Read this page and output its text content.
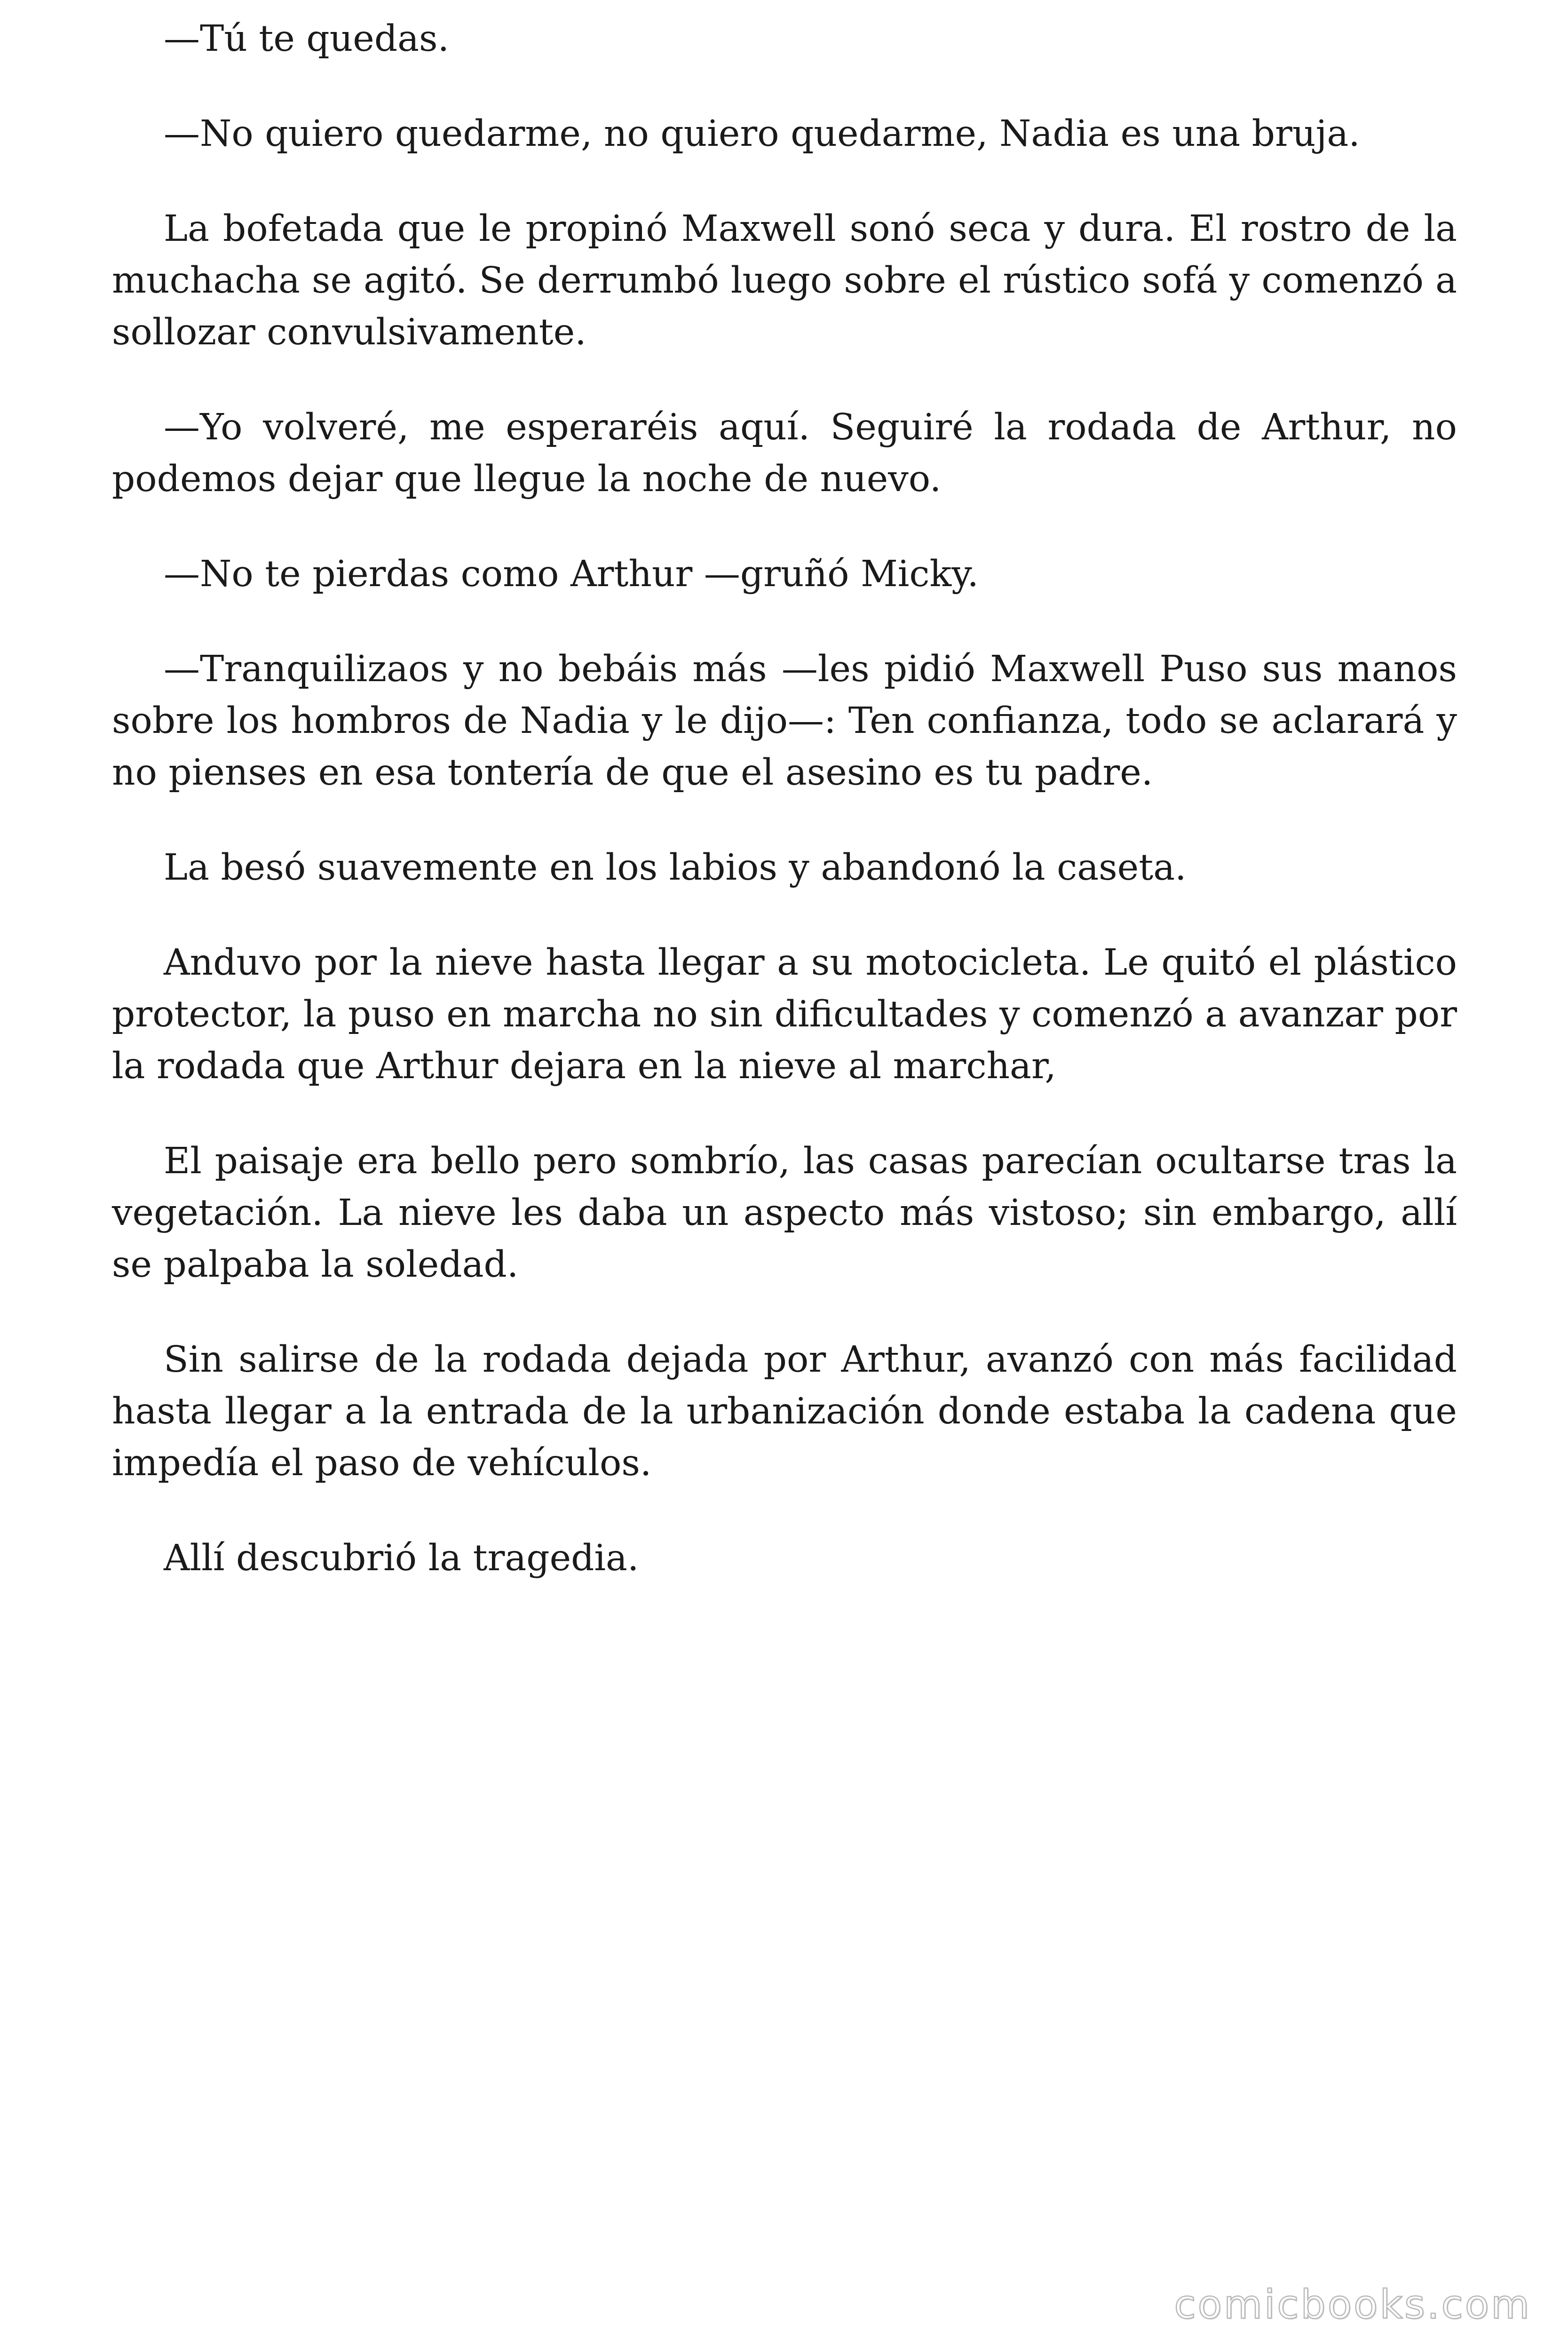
—Tú te quedas.

—No quiero quedarme, no quiero quedarme, Nadia es una bruja.

La bofetada que le propinó Maxwell sonó seca y dura. El rostro de la muchacha se agitó. Se derrumbó luego sobre el rústico sofá y comenzó a sollozar convulsivamente.

—Yo volveré, me esperaréis aquí. Seguiré la rodada de Arthur, no podemos dejar que llegue la noche de nuevo.

—No te pierdas como Arthur —gruñó Micky.

—Tranquilizaos y no bebáis más —les pidió Maxwell Puso sus manos sobre los hombros de Nadia y le dijo—: Ten confianza, todo se aclarará y no pienses en esa tontería de que el asesino es tu padre.

La besó suavemente en los labios y abandonó la caseta.

Anduvo por la nieve hasta llegar a su motocicleta. Le quitó el plástico protector, la puso en marcha no sin dificultades y comenzó a avanzar por la rodada que Arthur dejara en la nieve al marchar,

El paisaje era bello pero sombrío, las casas parecían ocultarse tras la vegetación. La nieve les daba un aspecto más vistoso; sin embargo, allí se palpaba la soledad.

Sin salirse de la rodada dejada por Arthur, avanzó con más facilidad hasta llegar a la entrada de la urbanización donde estaba la cadena que impedía el paso de vehículos.

Allí descubrió la tragedia.

comicbooks.com
